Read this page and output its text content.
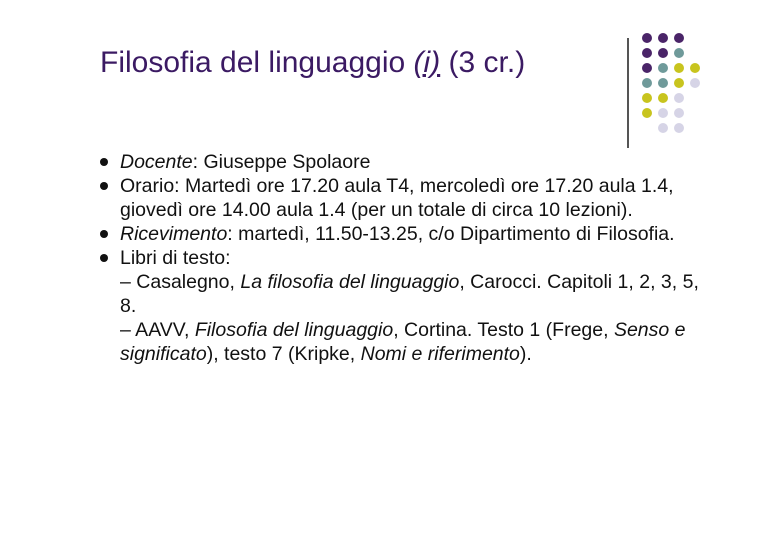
Filosofia del linguaggio (i) (3 cr.)
Docente: Giuseppe Spolaore
Orario: Martedì ore 17.20 aula T4, mercoledì ore 17.20 aula 1.4, giovedì ore 14.00 aula 1.4 (per un totale di circa 10 lezioni).
Ricevimento: martedì, 11.50-13.25, c/o Dipartimento di Filosofia.
Libri di testo:
– Casalegno, La filosofia del linguaggio, Carocci. Capitoli 1, 2, 3, 5, 8.
– AAVV, Filosofia del linguaggio, Cortina. Testo 1 (Frege, Senso e significato), testo 7 (Kripke, Nomi e riferimento).
